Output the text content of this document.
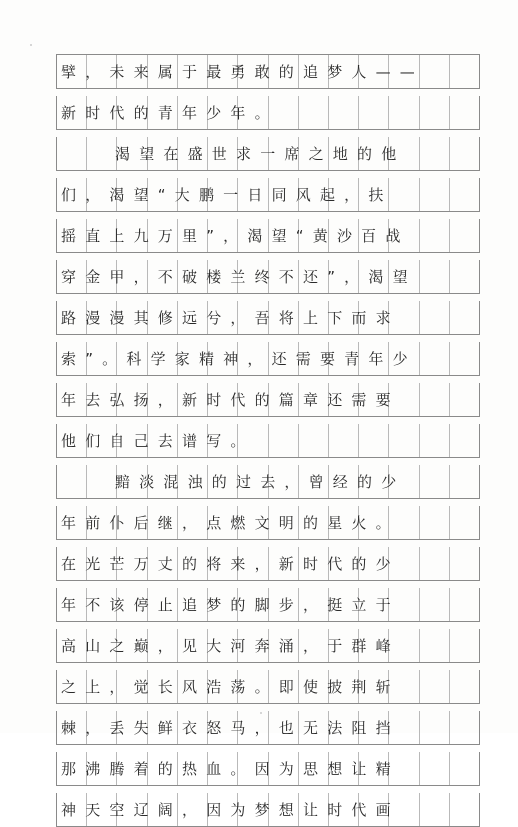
擘，未来属于最勇敢的追梦人——
新时代的青年少年。
渴望在盛世求一席之地的他
们，渴望“大鹏一日同风起，扶
摇直上九万里”，渴望“黄沙百战
穿金甲，不破楼兰终不还”，渴望
路漫漫其修远兮，吾将上下而求
索”。科学家精神，还需要青年少
年去弘扬，新时代的篇章还需要
他们自己去谱写。
黯淡混浊的过去，曾经的少
年前仆后继，点燃文明的星火。
在光芒万丈的将来，新时代的少
年不该停止追梦的脚步，挺立于
高山之巅，见大河奔涌，于群峰
之上，觉长风浩荡。即使披荆斩
棘，丢失鲜衣怒马，也无法阻挡
那沸腾着的热血。因为思想让精
神天空辽阔，因为梦想让时代画
